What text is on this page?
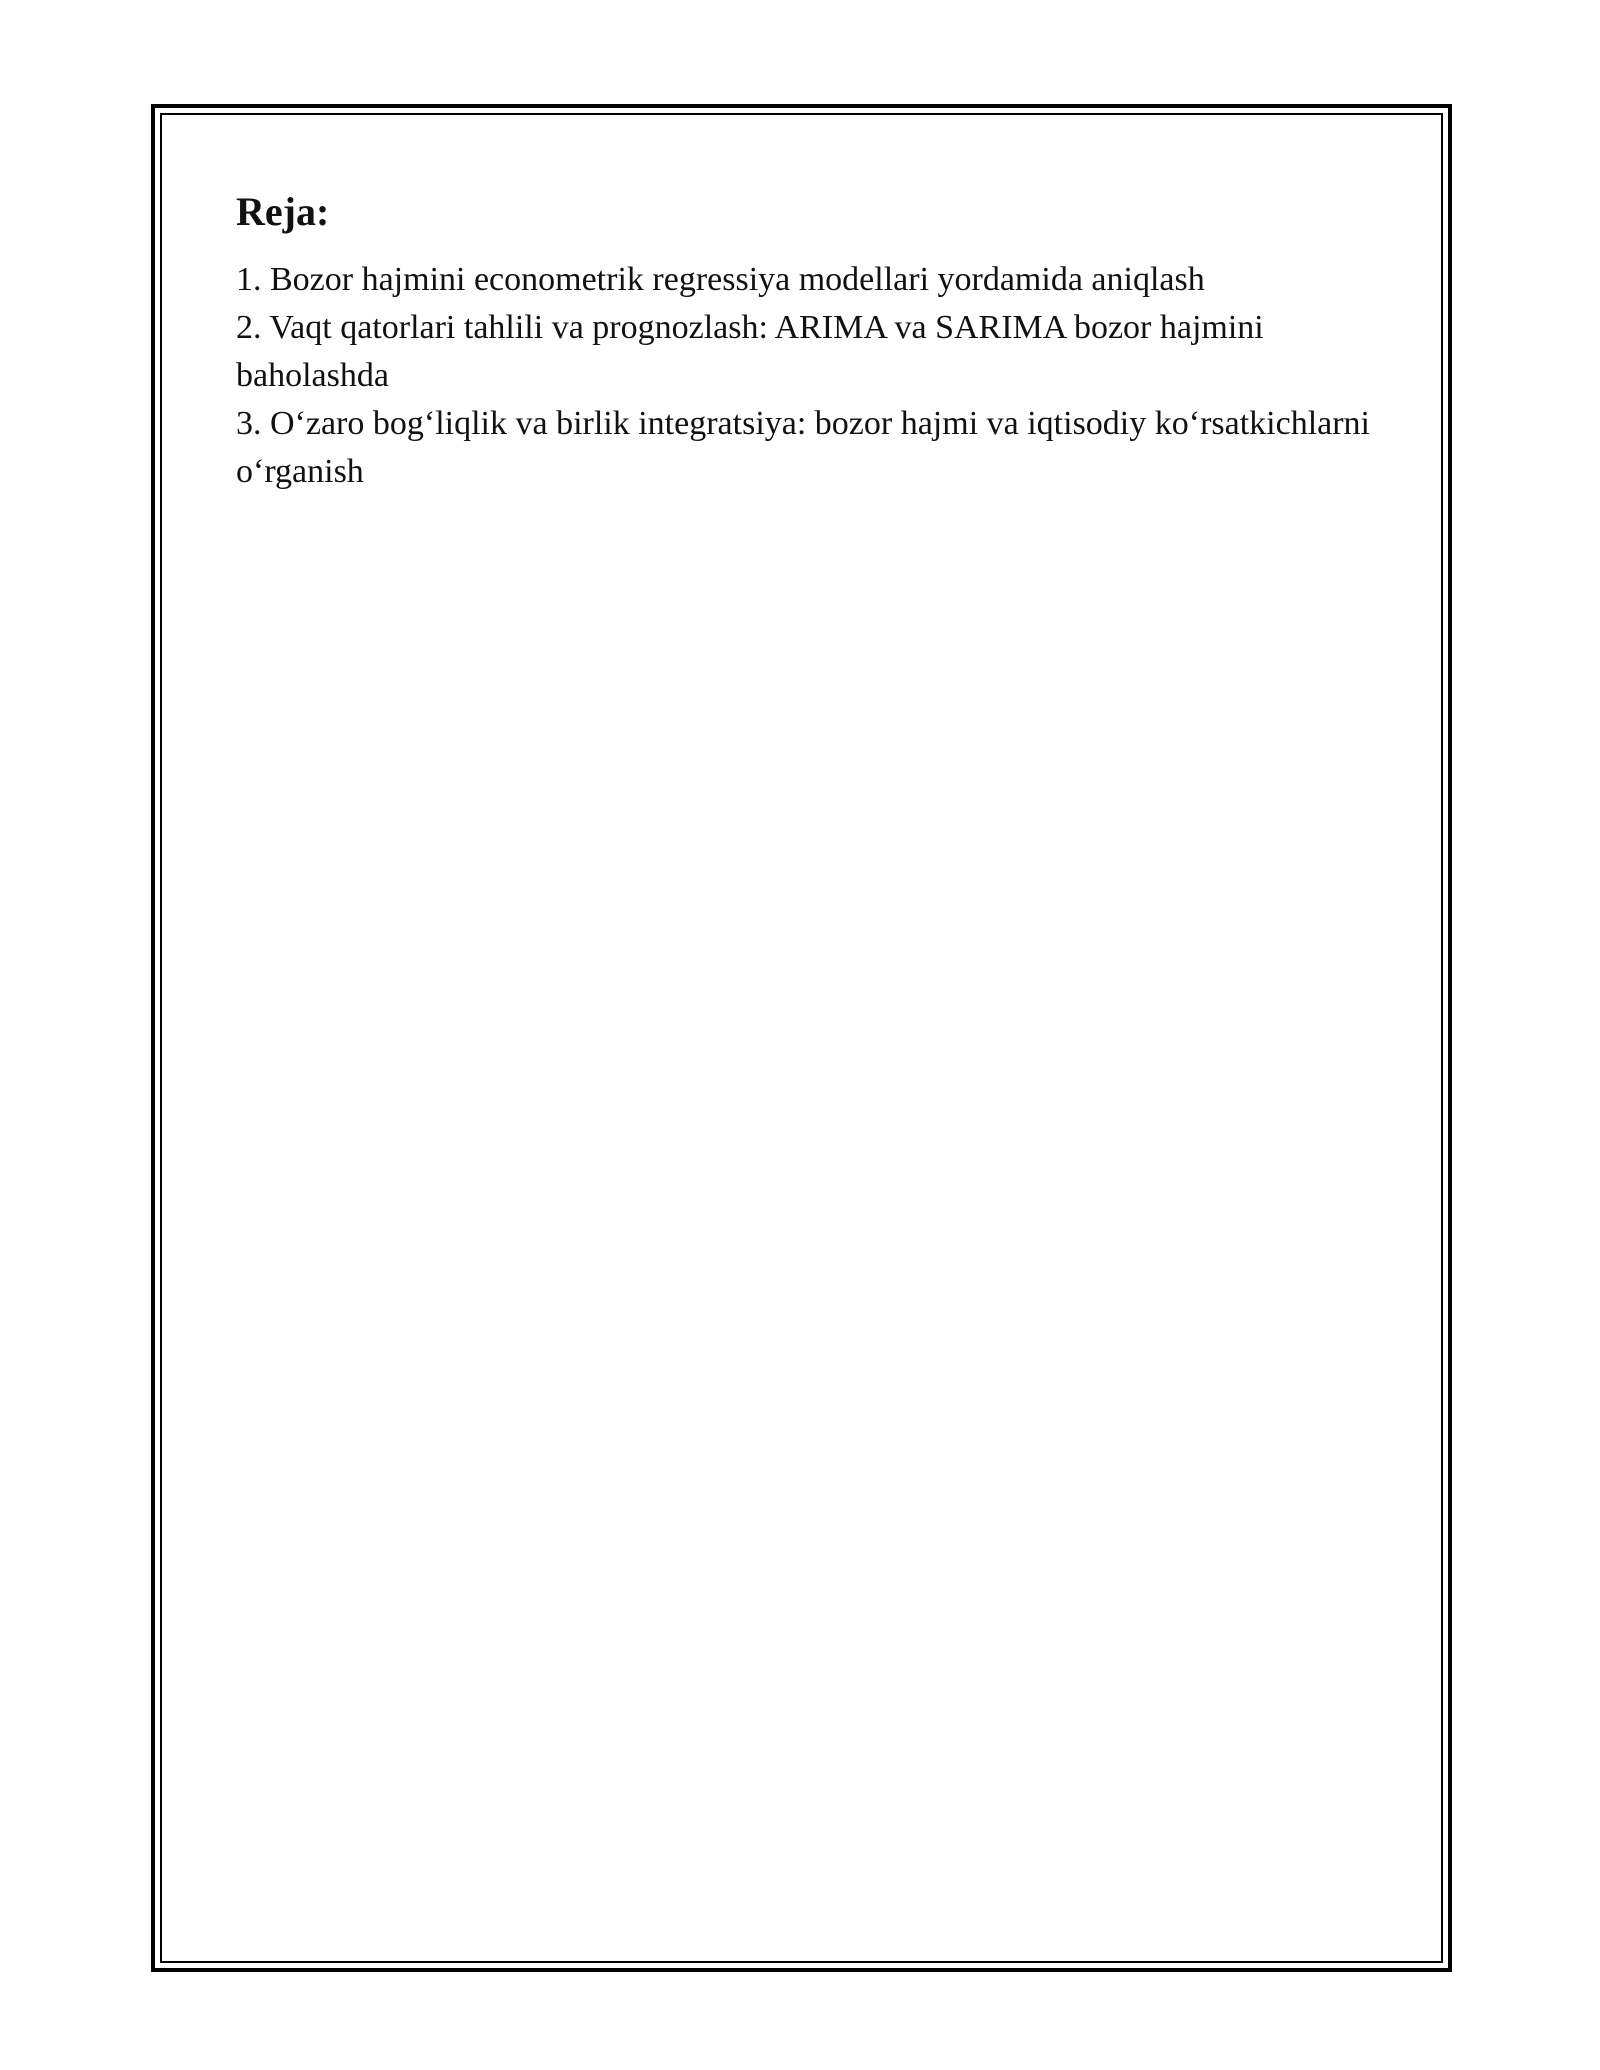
Reja:
1. Bozor hajmini econometrik regressiya modellari yordamida aniqlash
2. Vaqt qatorlari tahlili va prognozlash: ARIMA va SARIMA bozor hajmini baholashda
3. O‘zaro bog‘liqlik va birlik integratsiya: bozor hajmi va iqtisodiy ko‘rsatkichlarni o‘rganish
